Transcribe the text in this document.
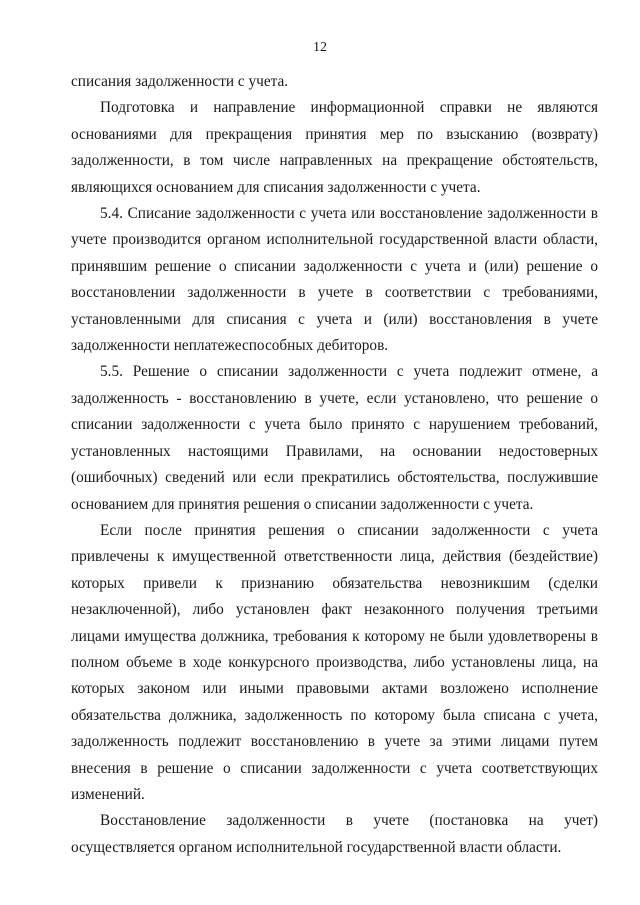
12

списания задолженности с учета.

Подготовка и направление информационной справки не являются основаниями для прекращения принятия мер по взысканию (возврату) задолженности, в том числе направленных на прекращение обстоятельств, являющихся основанием для списания задолженности с учета.

5.4. Списание задолженности с учета или восстановление задолженности в учете производится органом исполнительной государственной власти области, принявшим решение о списании задолженности с учета и (или) решение о восстановлении задолженности в учете в соответствии с требованиями, установленными для списания с учета и (или) восстановления в учете задолженности неплатежеспособных дебиторов.

5.5. Решение о списании задолженности с учета подлежит отмене, а задолженность - восстановлению в учете, если установлено, что решение о списании задолженности с учета было принято с нарушением требований, установленных настоящими Правилами, на основании недостоверных (ошибочных) сведений или если прекратились обстоятельства, послужившие основанием для принятия решения о списании задолженности с учета.

Если после принятия решения о списании задолженности с учета привлечены к имущественной ответственности лица, действия (бездействие) которых привели к признанию обязательства невозникшим (сделки незаключенной), либо установлен факт незаконного получения третьими лицами имущества должника, требования к которому не были удовлетворены в полном объеме в ходе конкурсного производства, либо установлены лица, на которых законом или иными правовыми актами возложено исполнение обязательства должника, задолженность по которому была списана с учета, задолженность подлежит восстановлению в учете за этими лицами путем внесения в решение о списании задолженности с учета соответствующих изменений.

Восстановление задолженности в учете (постановка на учет) осуществляется органом исполнительной государственной власти области.
